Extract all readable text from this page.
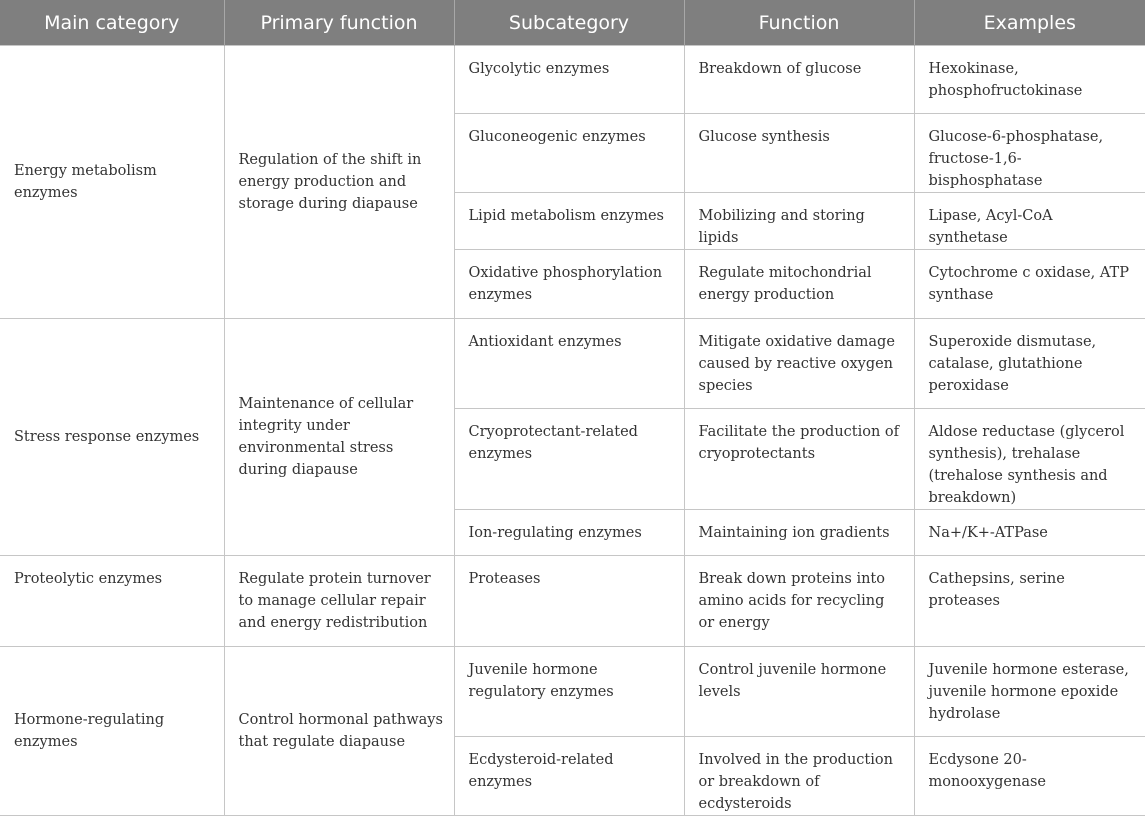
Main category	Primary function	Subcategory	Function	Examples
Energy metabolism enzymes	Regulation of the shift in energy production and storage during diapause	Glycolytic enzymes	Breakdown of glucose	Hexokinase, phosphofructokinase
		Gluconeogenic enzymes	Glucose synthesis	Glucose-6-phosphatase, fructose-1,6-bisphosphatase
		Lipid metabolism enzymes	Mobilizing and storing lipids	Lipase, Acyl-CoA synthetase
		Oxidative phosphorylation enzymes	Regulate mitochondrial energy production	Cytochrome c oxidase, ATP synthase
Stress response enzymes	Maintenance of cellular integrity under environmental stress during diapause	Antioxidant enzymes	Mitigate oxidative damage caused by reactive oxygen species	Superoxide dismutase, catalase, glutathione peroxidase
		Cryoprotectant-related enzymes	Facilitate the production of cryoprotectants	Aldose reductase (glycerol synthesis), trehalase (trehalose synthesis and breakdown)
		Ion-regulating enzymes	Maintaining ion gradients	Na+/K+-ATPase
Proteolytic enzymes	Regulate protein turnover to manage cellular repair and energy redistribution	Proteases	Break down proteins into amino acids for recycling or energy	Cathepsins, serine proteases
Hormone-regulating enzymes	Control hormonal pathways that regulate diapause	Juvenile hormone regulatory enzymes	Control juvenile hormone levels	Juvenile hormone esterase, juvenile hormone epoxide hydrolase
		Ecdysteroid-related enzymes	Involved in the production or breakdown of ecdysteroids	Ecdysone 20-monooxygenase
